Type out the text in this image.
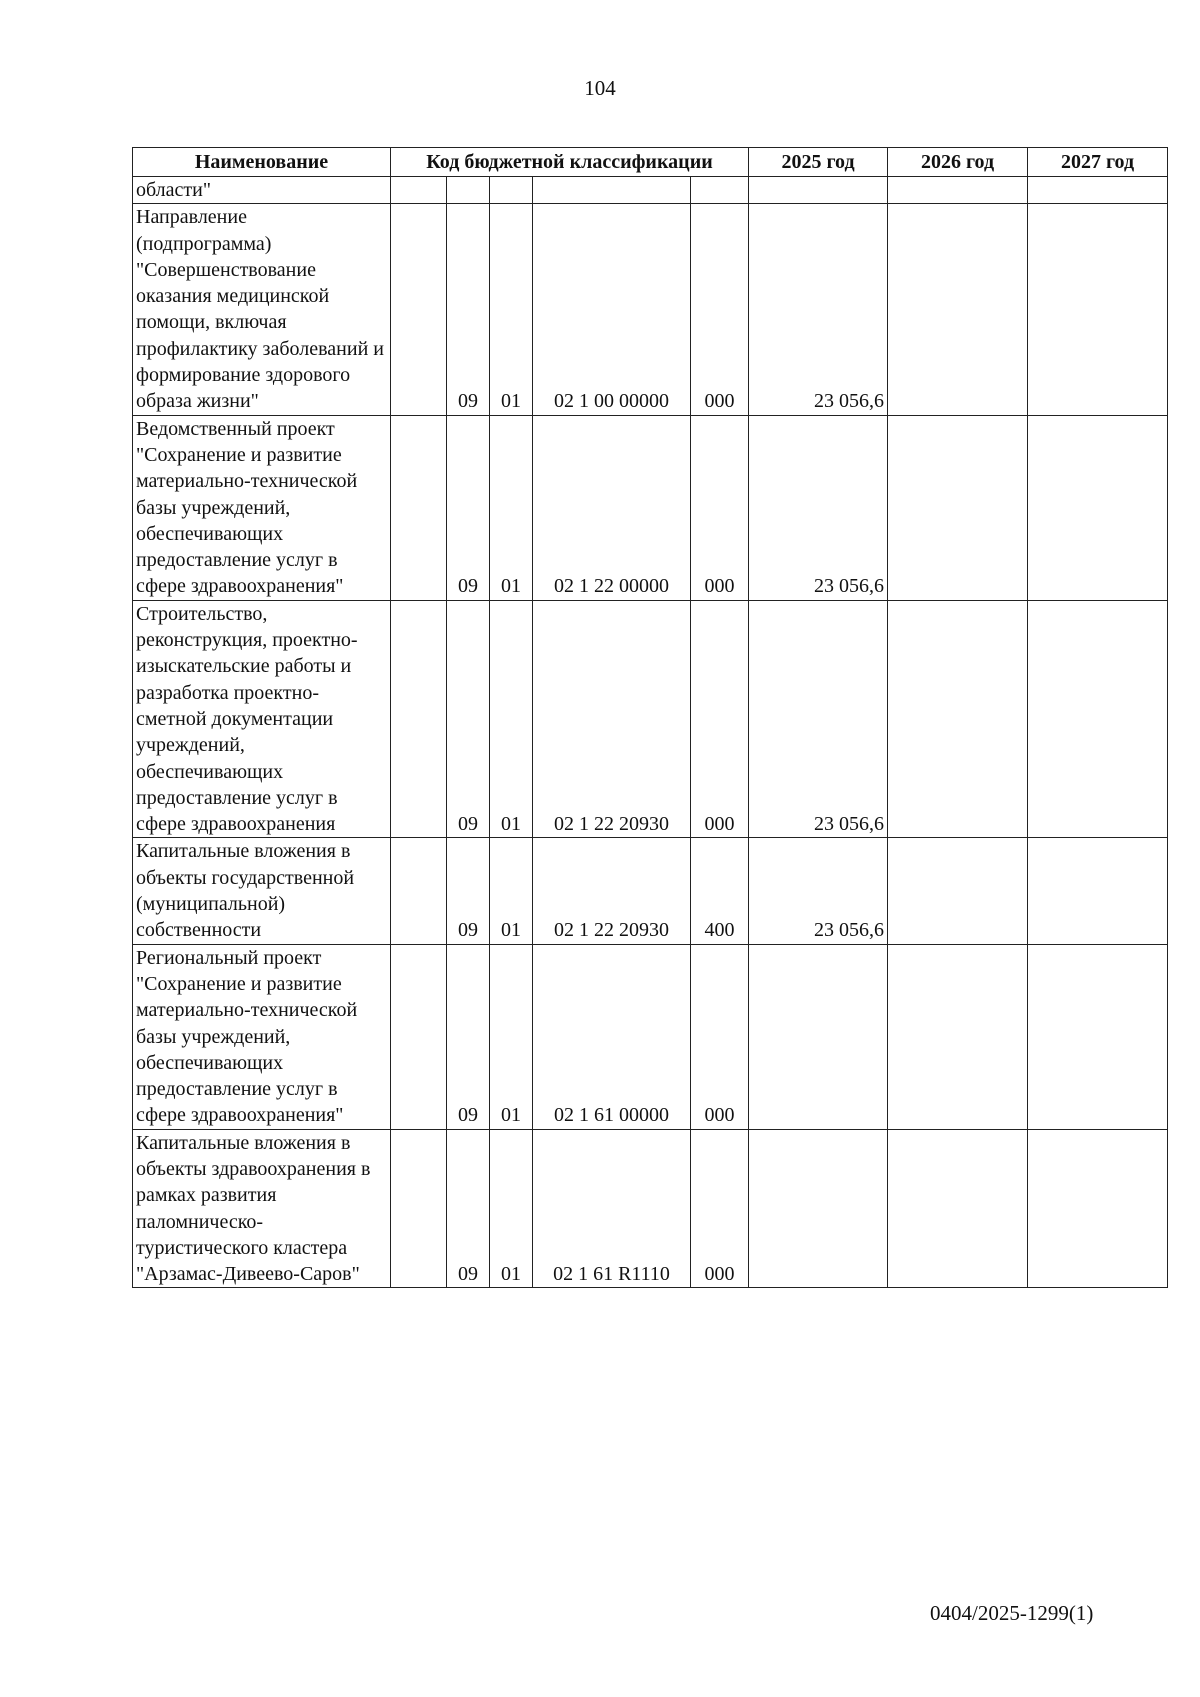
104
Наименование	Код бюджетной классификации					2025 год	2026 год	2027 год
области"								
Направление (подпрограмма) "Совершенствование оказания медицинской помощи, включая профилактику заболеваний и формирование здорового образа жизни"		09	01	02 1 00 00000	000	23 056,6		
Ведомственный проект "Сохранение и развитие материально-технической базы учреждений, обеспечивающих предоставление услуг в сфере здравоохранения"		09	01	02 1 22 00000	000	23 056,6		
Строительство, реконструкция, проектно-изыскательские работы и разработка проектно-сметной документации учреждений, обеспечивающих предоставление услуг в сфере здравоохранения		09	01	02 1 22 20930	000	23 056,6		
Капитальные вложения в объекты государственной (муниципальной) собственности		09	01	02 1 22 20930	400	23 056,6		
Региональный проект "Сохранение и развитие материально-технической базы учреждений, обеспечивающих предоставление услуг в сфере здравоохранения"		09	01	02 1 61 00000	000			
Капитальные вложения в объекты здравоохранения в рамках развития паломническо-туристического кластера "Арзамас-Дивеево-Саров"		09	01	02 1 61 R1110	000			
0404/2025-1299(1)
